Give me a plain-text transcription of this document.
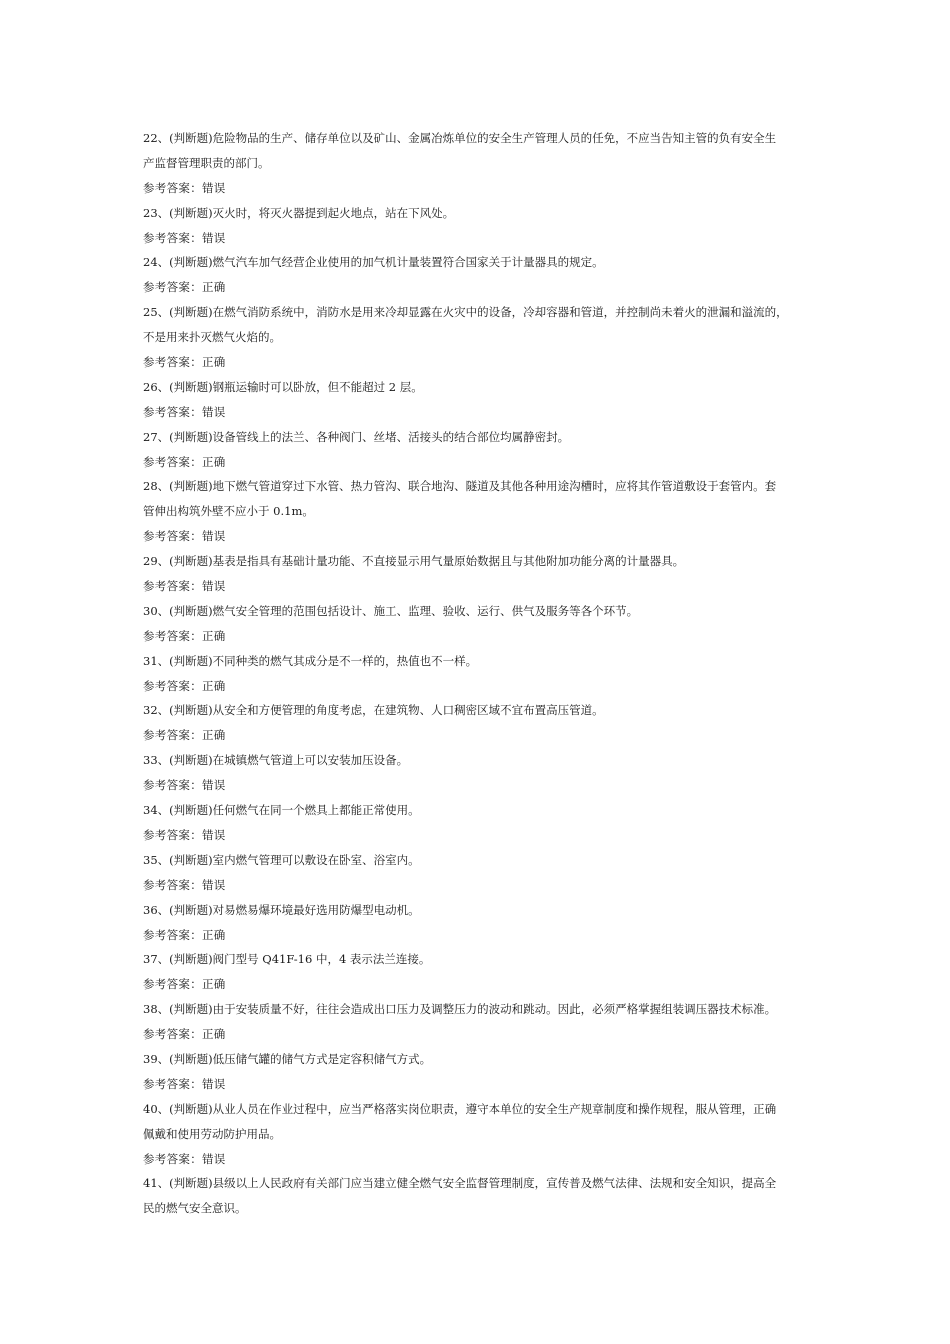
22、(判断题)危险物品的生产、储存单位以及矿山、金属冶炼单位的安全生产管理人员的任免，不应当告知主管的负有安全生
产监督管理职责的部门。
参考答案：错误
23、(判断题)灭火时，将灭火器提到起火地点，站在下风处。
参考答案：错误
24、(判断题)燃气汽车加气经营企业使用的加气机计量装置符合国家关于计量器具的规定。
参考答案：正确
25、(判断题)在燃气消防系统中，消防水是用来冷却显露在火灾中的设备，冷却容器和管道，并控制尚未着火的泄漏和溢流的，
不是用来扑灭燃气火焰的。
参考答案：正确
26、(判断题)钢瓶运输时可以卧放，但不能超过 2 层。
参考答案：错误
27、(判断题)设备管线上的法兰、各种阀门、丝堵、活接头的结合部位均属静密封。
参考答案：正确
28、(判断题)地下燃气管道穿过下水管、热力管沟、联合地沟、隧道及其他各种用途沟槽时，应将其作管道敷设于套管内。套
管伸出构筑外壁不应小于 0.1m。
参考答案：错误
29、(判断题)基表是指具有基础计量功能、不直接显示用气量原始数据且与其他附加功能分离的计量器具。
参考答案：错误
30、(判断题)燃气安全管理的范围包括设计、施工、监理、验收、运行、供气及服务等各个环节。
参考答案：正确
31、(判断题)不同种类的燃气其成分是不一样的，热值也不一样。
参考答案：正确
32、(判断题)从安全和方便管理的角度考虑，在建筑物、人口稠密区域不宜布置高压管道。
参考答案：正确
33、(判断题)在城镇燃气管道上可以安装加压设备。
参考答案：错误
34、(判断题)任何燃气在同一个燃具上都能正常使用。
参考答案：错误
35、(判断题)室内燃气管理可以敷设在卧室、浴室内。
参考答案：错误
36、(判断题)对易燃易爆环境最好选用防爆型电动机。
参考答案：正确
37、(判断题)阀门型号 Q41F-16 中，4 表示法兰连接。
参考答案：正确
38、(判断题)由于安装质量不好，往往会造成出口压力及调整压力的波动和跳动。因此，必须严格掌握组装调压器技术标准。
参考答案：正确
39、(判断题)低压储气罐的储气方式是定容积储气方式。
参考答案：错误
40、(判断题)从业人员在作业过程中，应当严格落实岗位职责，遵守本单位的安全生产规章制度和操作规程，服从管理，正确
佩戴和使用劳动防护用品。
参考答案：错误
41、(判断题)县级以上人民政府有关部门应当建立健全燃气安全监督管理制度，宣传普及燃气法律、法规和安全知识，提高全
民的燃气安全意识。
